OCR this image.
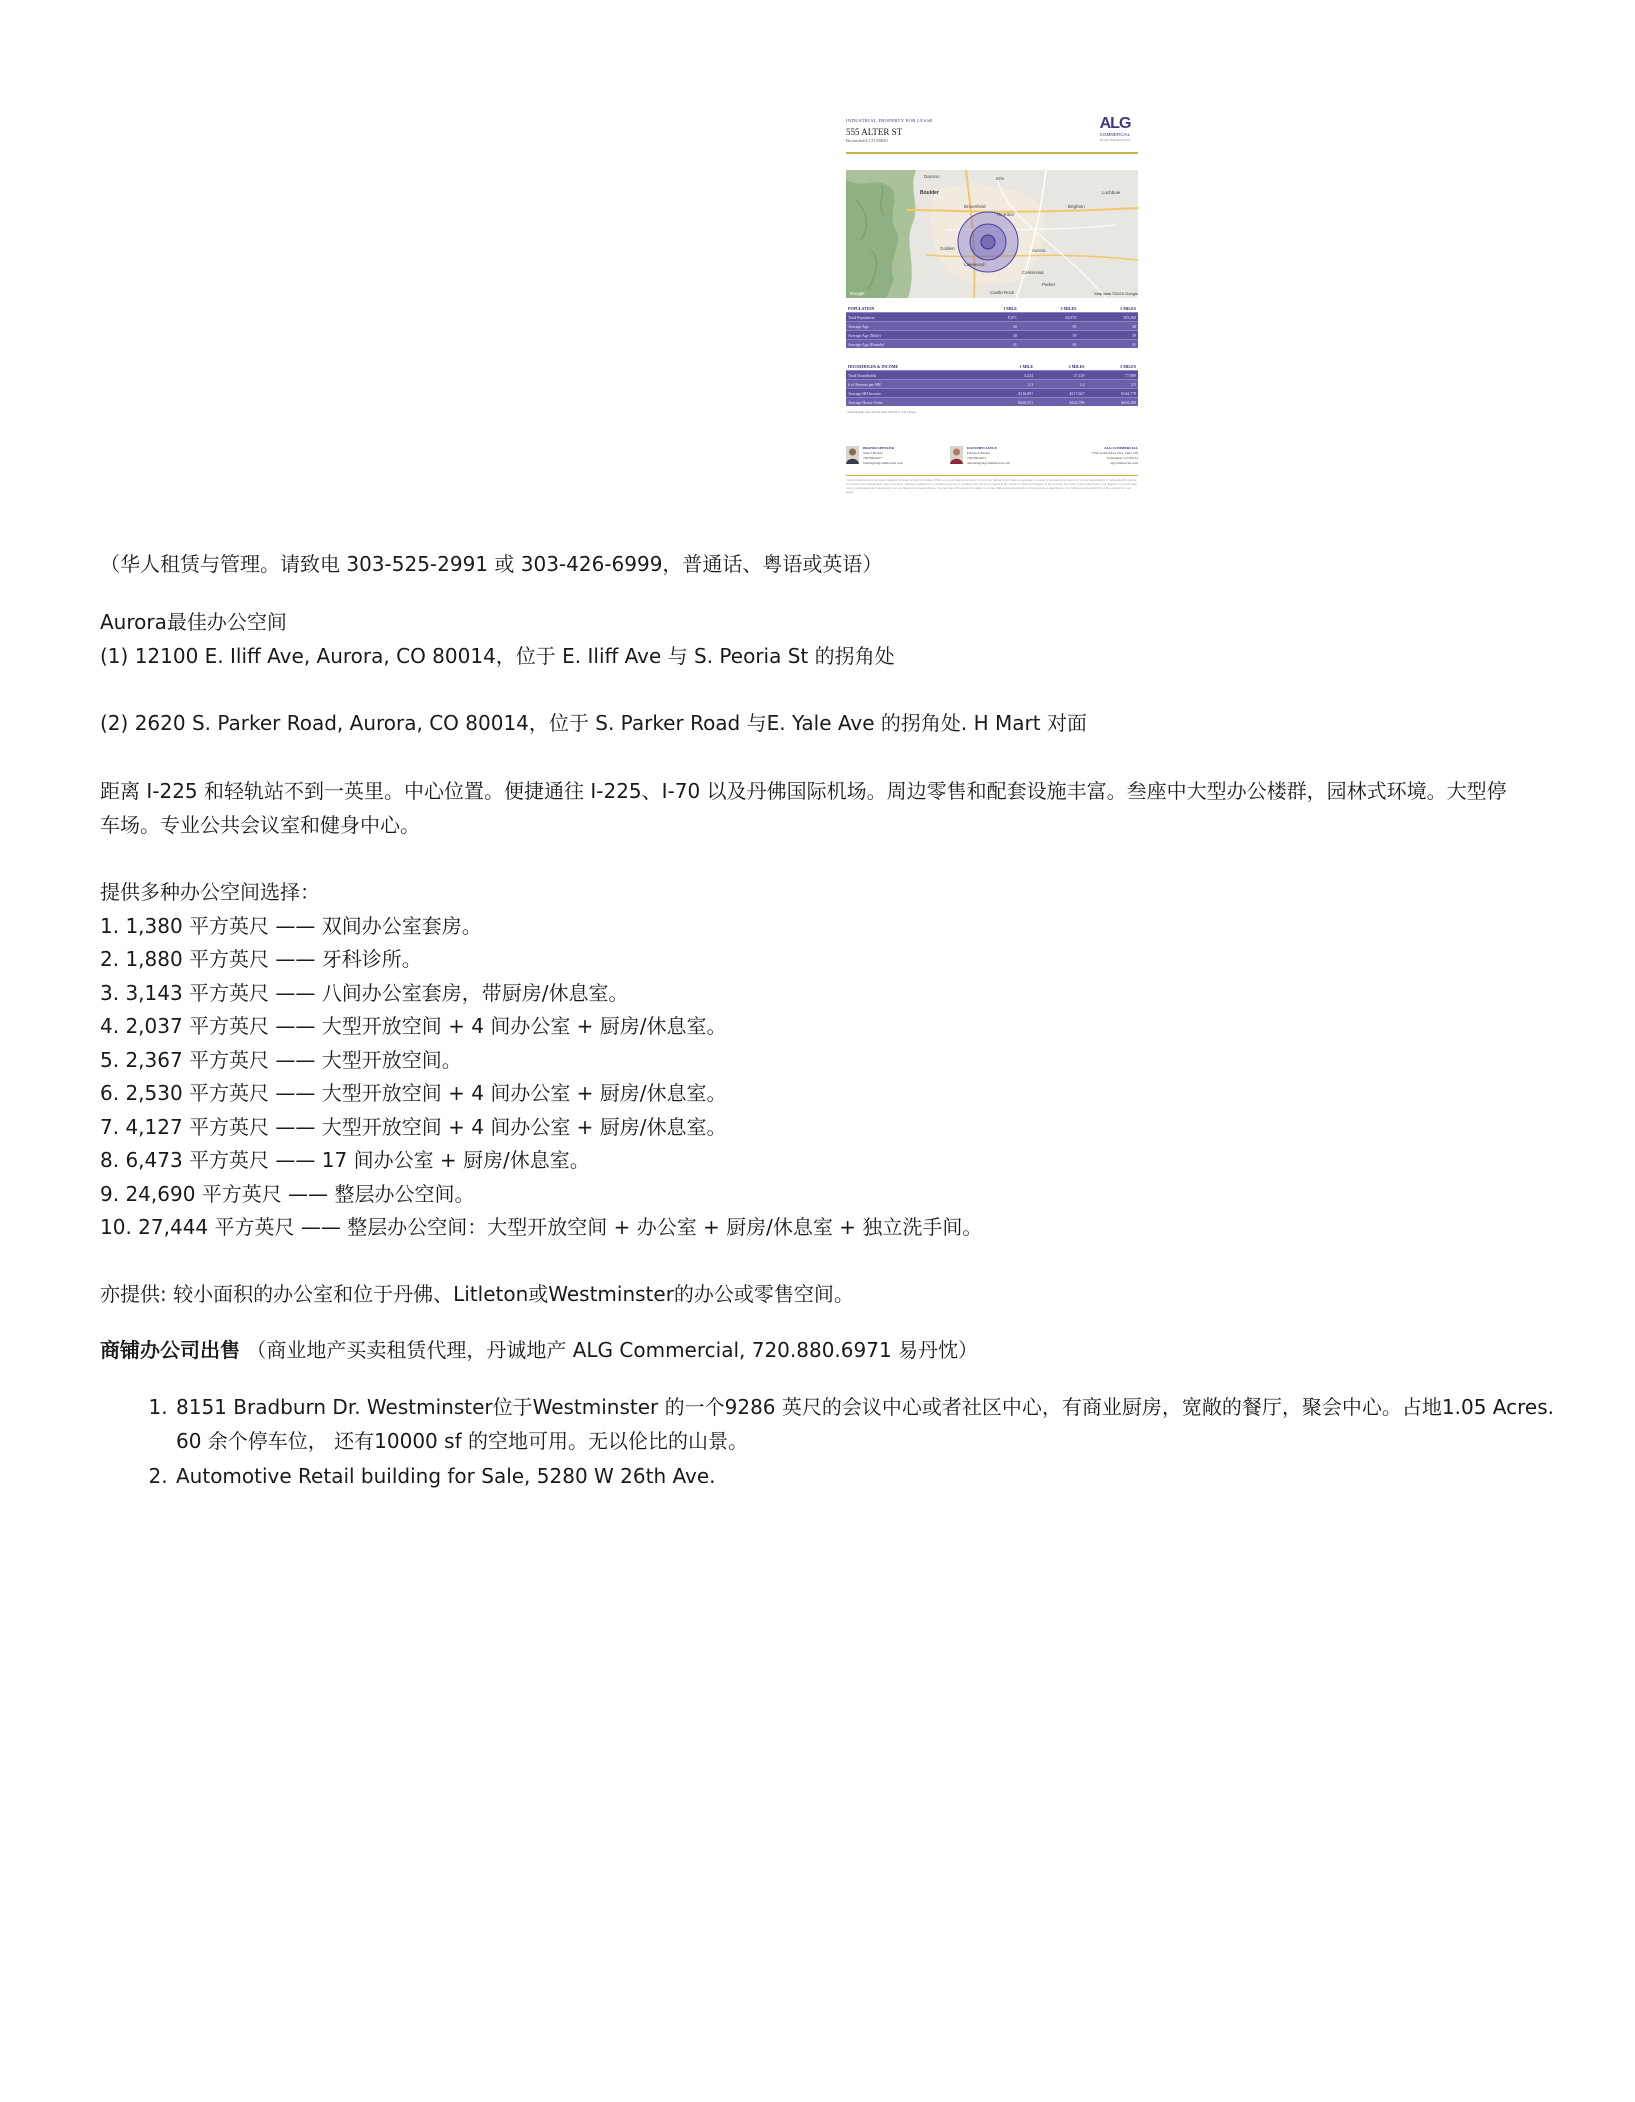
INDUSTRIAL PROPERTY FOR LEASE
555 ALTER ST
Broomfield, CO 80020
ALG
COMMERCIAL
Proudly Building Houses
Dacono	Erie
Boulder
Broomfield
Thornton
Brighton
Lochbuie
Golden	Aurora
Lakewood
Centennial
Parker
Castle Rock
Google	Map data ©2020 Google
POPULATION	1 MILE	3 MILES	5 MILES
Total Population	9,971	64,870	193,260
Average Age	40	39	40
Average Age (Male)	40	39	39
Average Age (Female)	41	40	41
HOUSEHOLDS & INCOME	1 MILE	3 MILES	5 MILES
Total Households	4,224	27,129	77,089
# of Persons per HH	2.3	2.4	2.5
Average HH Income	$116,891	$117,667	$144,778
Average House Value	$420,531	$434,780	$410,288
* Demographic data derived from 2020 ACS - US Census
BRANDI SPENCER
Senior Broker
720.880.6977
brandi@algcommercial.com
DANCHEN ASTLE
Principal Broker
720.880.6971
danchen@algcommercial.com
ALG COMMERCIAL
7334 South Alton Way, Suite 130
Centennial, CO 80112
algcommercial.com
The information above has been obtained from sources believed reliable. While we do not doubt its accuracy we have not verified it and make no guarantee, warranty or representation about it. It is your responsibility to independently confirm its accuracy and completeness. Any projections, opinions, assumptions or estimates used are for example only and do not represent the current or future performance of the property. The value of this transaction to you depends on tax and other factors which should be evaluated by your tax, financial and legal advisors. You and your advisors should conduct a careful, independent investigation of the property to determine to your satisfaction the suitability of the property for your needs.
（华人租赁与管理。请致电 303-525-2991 或 303-426-6999，普通话、粤语或英语）
Aurora最佳办公空间
(1) 12100 E. Iliff Ave, Aurora, CO 80014，位于 E. Iliff Ave 与 S. Peoria St 的拐角处
(2) 2620 S. Parker Road, Aurora, CO 80014，位于 S. Parker Road 与E. Yale Ave 的拐角处. H Mart 对面
距离 I-225 和轻轨站不到一英里。中心位置。便捷通往 I-225、I-70 以及丹佛国际机场。周边零售和配套设施丰富。叁座中大型办公楼群，园林式环境。大型停车场。专业公共会议室和健身中心。
提供多种办公空间选择：
1. 1,380 平方英尺 —— 双间办公室套房。
2. 1,880 平方英尺 —— 牙科诊所。
3. 3,143 平方英尺 —— 八间办公室套房，带厨房/休息室。
4. 2,037 平方英尺 —— 大型开放空间 + 4 间办公室 + 厨房/休息室。
5. 2,367 平方英尺 —— 大型开放空间。
6. 2,530 平方英尺 —— 大型开放空间 + 4 间办公室 + 厨房/休息室。
7. 4,127 平方英尺 —— 大型开放空间 + 4 间办公室 + 厨房/休息室。
8. 6,473 平方英尺 —— 17 间办公室 + 厨房/休息室。
9. 24,690 平方英尺 —— 整层办公空间。
10. 27,444 平方英尺 —— 整层办公空间：大型开放空间 + 办公室 + 厨房/休息室 + 独立洗手间。
亦提供: 较小面积的办公室和位于丹佛、Litleton或Westminster的办公或零售空间。
商铺办公司出售 （商业地产买卖租赁代理，丹诚地产 ALG Commercial, 720.880.6971 易丹忱）
1. 8151 Bradburn Dr. Westminster位于Westminster 的一个9286 英尺的会议中心或者社区中心，有商业厨房，宽敞的餐厅，聚会中心。占地1.05 Acres. 60 余个停车位， 还有10000 sf 的空地可用。无以伦比的山景。
2. Automotive Retail building for Sale, 5280 W 26th Ave.
